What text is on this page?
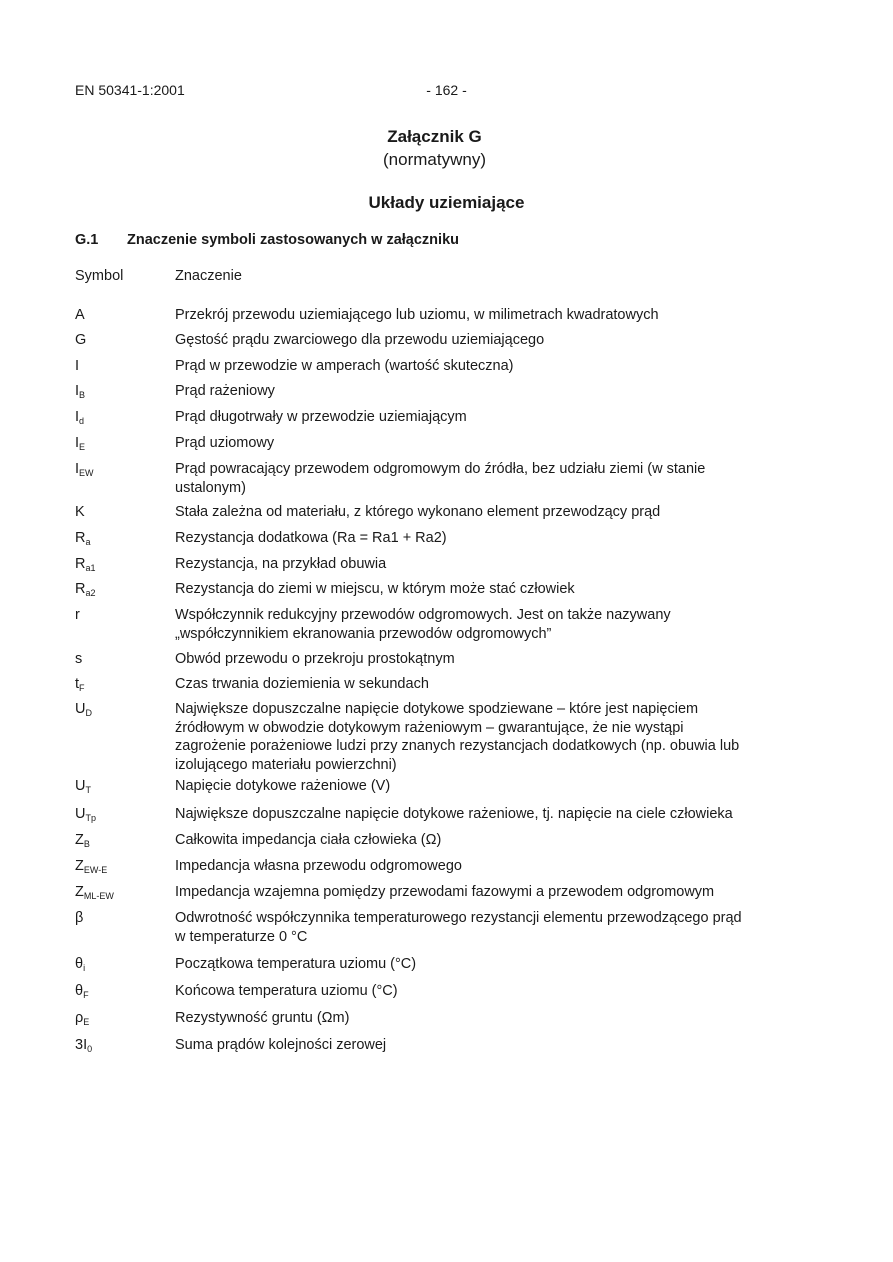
EN 50341-1:2001	- 162 -
Załącznik G
(normatywny)
Układy uziemiające
G.1 Znaczenie symboli zastosowanych w załączniku
Symbol	Znaczenie
A	Przekrój przewodu uziemiającego lub uziomu, w milimetrach kwadratowych
G	Gęstość prądu zwarciowego dla przewodu uziemiającego
I	Prąd w przewodzie w amperach (wartość skuteczna)
$I_B$	Prąd rażeniowy
$I_d$	Prąd długotrwały w przewodzie uziemiającym
$I_E$	Prąd uziomowy
$I_{EW}$	Prąd powracający przewodem odgromowym do źródła, bez udziału ziemi (w stanie ustalonym)
K	Stała zależna od materiału, z którego wykonano element przewodzący prąd
$R_a$	Rezystancja dodatkowa (Ra = Ra1 + Ra2)
$R_{a1}$	Rezystancja, na przykład obuwia
$R_{a2}$	Rezystancja do ziemi w miejscu, w którym może stać człowiek
r	Współczynnik redukcyjny przewodów odgromowych. Jest on także nazywany „współczynnikiem ekranowania przewodów odgromowych”
s	Obwód przewodu o przekroju prostokątnym
$t_F$	Czas trwania doziemienia w sekundach
$U_D$	Największe dopuszczalne napięcie dotykowe spodziewane – które jest napięciem źródłowym w obwodzie dotykowym rażeniowym – gwarantujące, że nie wystąpi zagrożenie porażeniowe ludzi przy znanych rezystancjach dodatkowych (np. obuwia lub izolującego materiału powierzchni)
$U_T$	Napięcie dotykowe rażeniowe (V)
$U_{Tp}$	Największe dopuszczalne napięcie dotykowe rażeniowe, tj. napięcie na ciele człowieka
$Z_B$	Całkowita impedancja ciała człowieka (Ω)
$Z_{EW-E}$	Impedancja własna przewodu odgromowego
$Z_{ML-EW}$	Impedancja wzajemna pomiędzy przewodami fazowymi a przewodem odgromowym
β	Odwrotność współczynnika temperaturowego rezystancji elementu przewodzącego prąd w temperaturze 0 °C
$\theta_i$	Początkowa temperatura uziomu (°C)
$\theta_F$	Końcowa temperatura uziomu (°C)
$\rho_E$	Rezystywność gruntu (Ωm)
$3I_0$	Suma prądów kolejności zerowej
